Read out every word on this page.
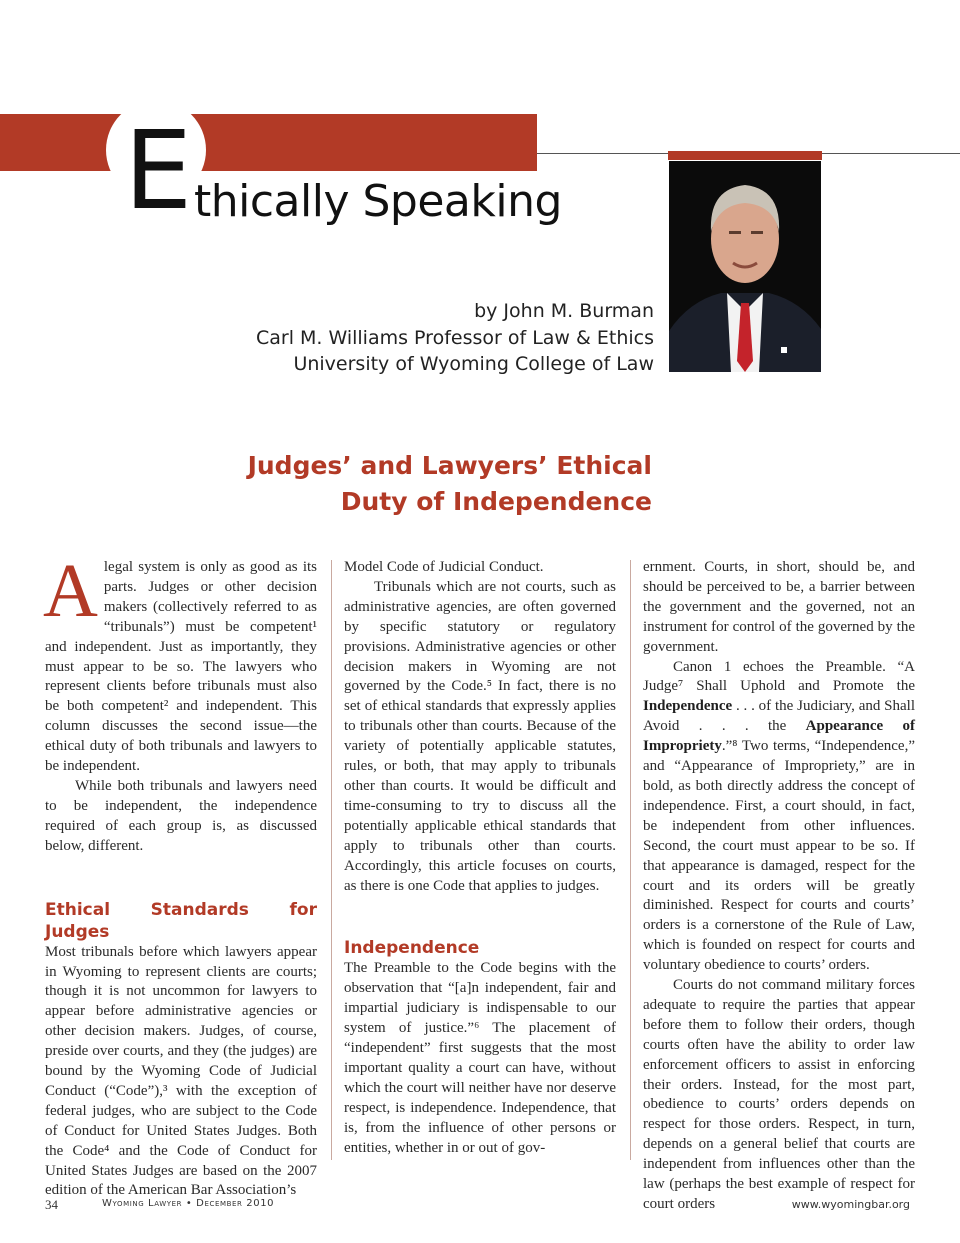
E thically Speaking
by John M. Burman
Carl M. Williams Professor of Law & Ethics
University of Wyoming College of Law
Judges’ and Lawyers’ Ethical
Duty of Independence

Alegal system is only as good as its parts. Judges or other decision makers (collectively referred to as “tribunals”) must be competent¹ and independent. Just as importantly, they must appear to be so. The lawyers who represent clients before tribunals must also be both competent² and independent. This column discusses the second issue—the ethical duty of both tribunals and lawyers to be independent.

While both tribunals and lawyers need to be independent, the independence required of each group is, as discussed below, different.

Ethical Standards for Judges

Most tribunals before which lawyers appear in Wyoming to represent clients are courts; though it is not uncommon for lawyers to appear before administrative agencies or other decision makers. Judges, of course, preside over courts, and they (the judges) are bound by the Wyoming Code of Judicial Conduct (“Code”),³ with the exception of federal judges, who are subject to the Code of Conduct for United States Judges. Both the Code⁴ and the Code of Conduct for United States Judges are based on the 2007 edition of the American Bar Association’s

Model Code of Judicial Conduct.

Tribunals which are not courts, such as administrative agencies, are often governed by specific statutory or regulatory provisions. Administrative agencies or other decision makers in Wyoming are not governed by the Code.⁵ In fact, there is no set of ethical standards that expressly applies to tribunals other than courts. Because of the variety of potentially applicable statutes, rules, or both, that may apply to tribunals other than courts. It would be difficult and time-consuming to try to discuss all the potentially applicable ethical standards that apply to tribunals other than courts. Accordingly, this article focuses on courts, as there is one Code that applies to judges.

Independence

The Preamble to the Code begins with the observation that “[a]n independent, fair and impartial judiciary is indispensable to our system of justice.”⁶ The placement of “independent” first suggests that the most important quality a court can have, without which the court will neither have nor deserve respect, is independence. Independence, that is, from the influence of other persons or entities, whether in or out of gov-

ernment. Courts, in short, should be, and should be perceived to be, a barrier between the government and the governed, not an instrument for control of the governed by the government.

Canon 1 echoes the Preamble. “A Judge⁷ Shall Uphold and Promote the Independence . . . of the Judiciary, and Shall Avoid . . . the Appearance of Impropriety.”⁸ Two terms, “Independence,” and “Appearance of Impropriety,” are in bold, as both directly address the concept of independence. First, a court should, in fact, be independent from other influences. Second, the court must appear to be so. If that appearance is damaged, respect for the court and its orders will be greatly diminished. Respect for courts and courts’ orders is a cornerstone of the Rule of Law, which is founded on respect for courts and voluntary obedience to courts’ orders.

Courts do not command military forces adequate to require the parties that appear before them to follow their orders, though courts often have the ability to order law enforcement officers to assist in enforcing their orders. Instead, for the most part, obedience to courts’ orders depends on respect for those orders. Respect, in turn, depends on a general belief that courts are independent from influences other than the law (perhaps the best example of respect for court orders

34	Wyoming Lawyer • December 2010	www.wyomingbar.org
